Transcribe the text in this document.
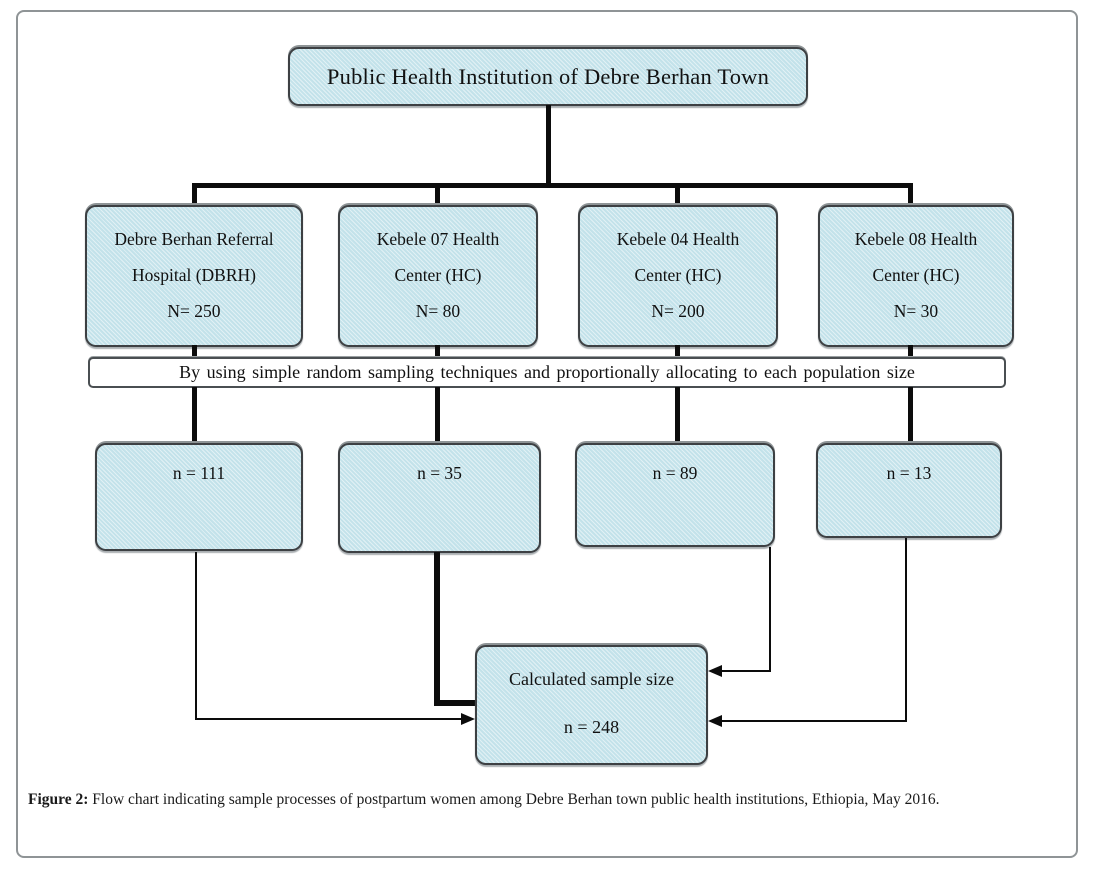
Public Health Institution of Debre Berhan Town
Debre Berhan Referral
Hospital (DBRH)
N= 250
Kebele 07 Health
Center (HC)
N= 80
Kebele 04 Health
Center (HC)
N= 200
Kebele 08 Health
Center (HC)
N= 30
By using simple random sampling techniques and proportionally allocating to each population size
n = 111	n = 35	n = 89	n = 13
Calculated sample size
n = 248
Figure 2: Flow chart indicating sample processes of postpartum women among Debre Berhan town public health institutions, Ethiopia, May 2016.
